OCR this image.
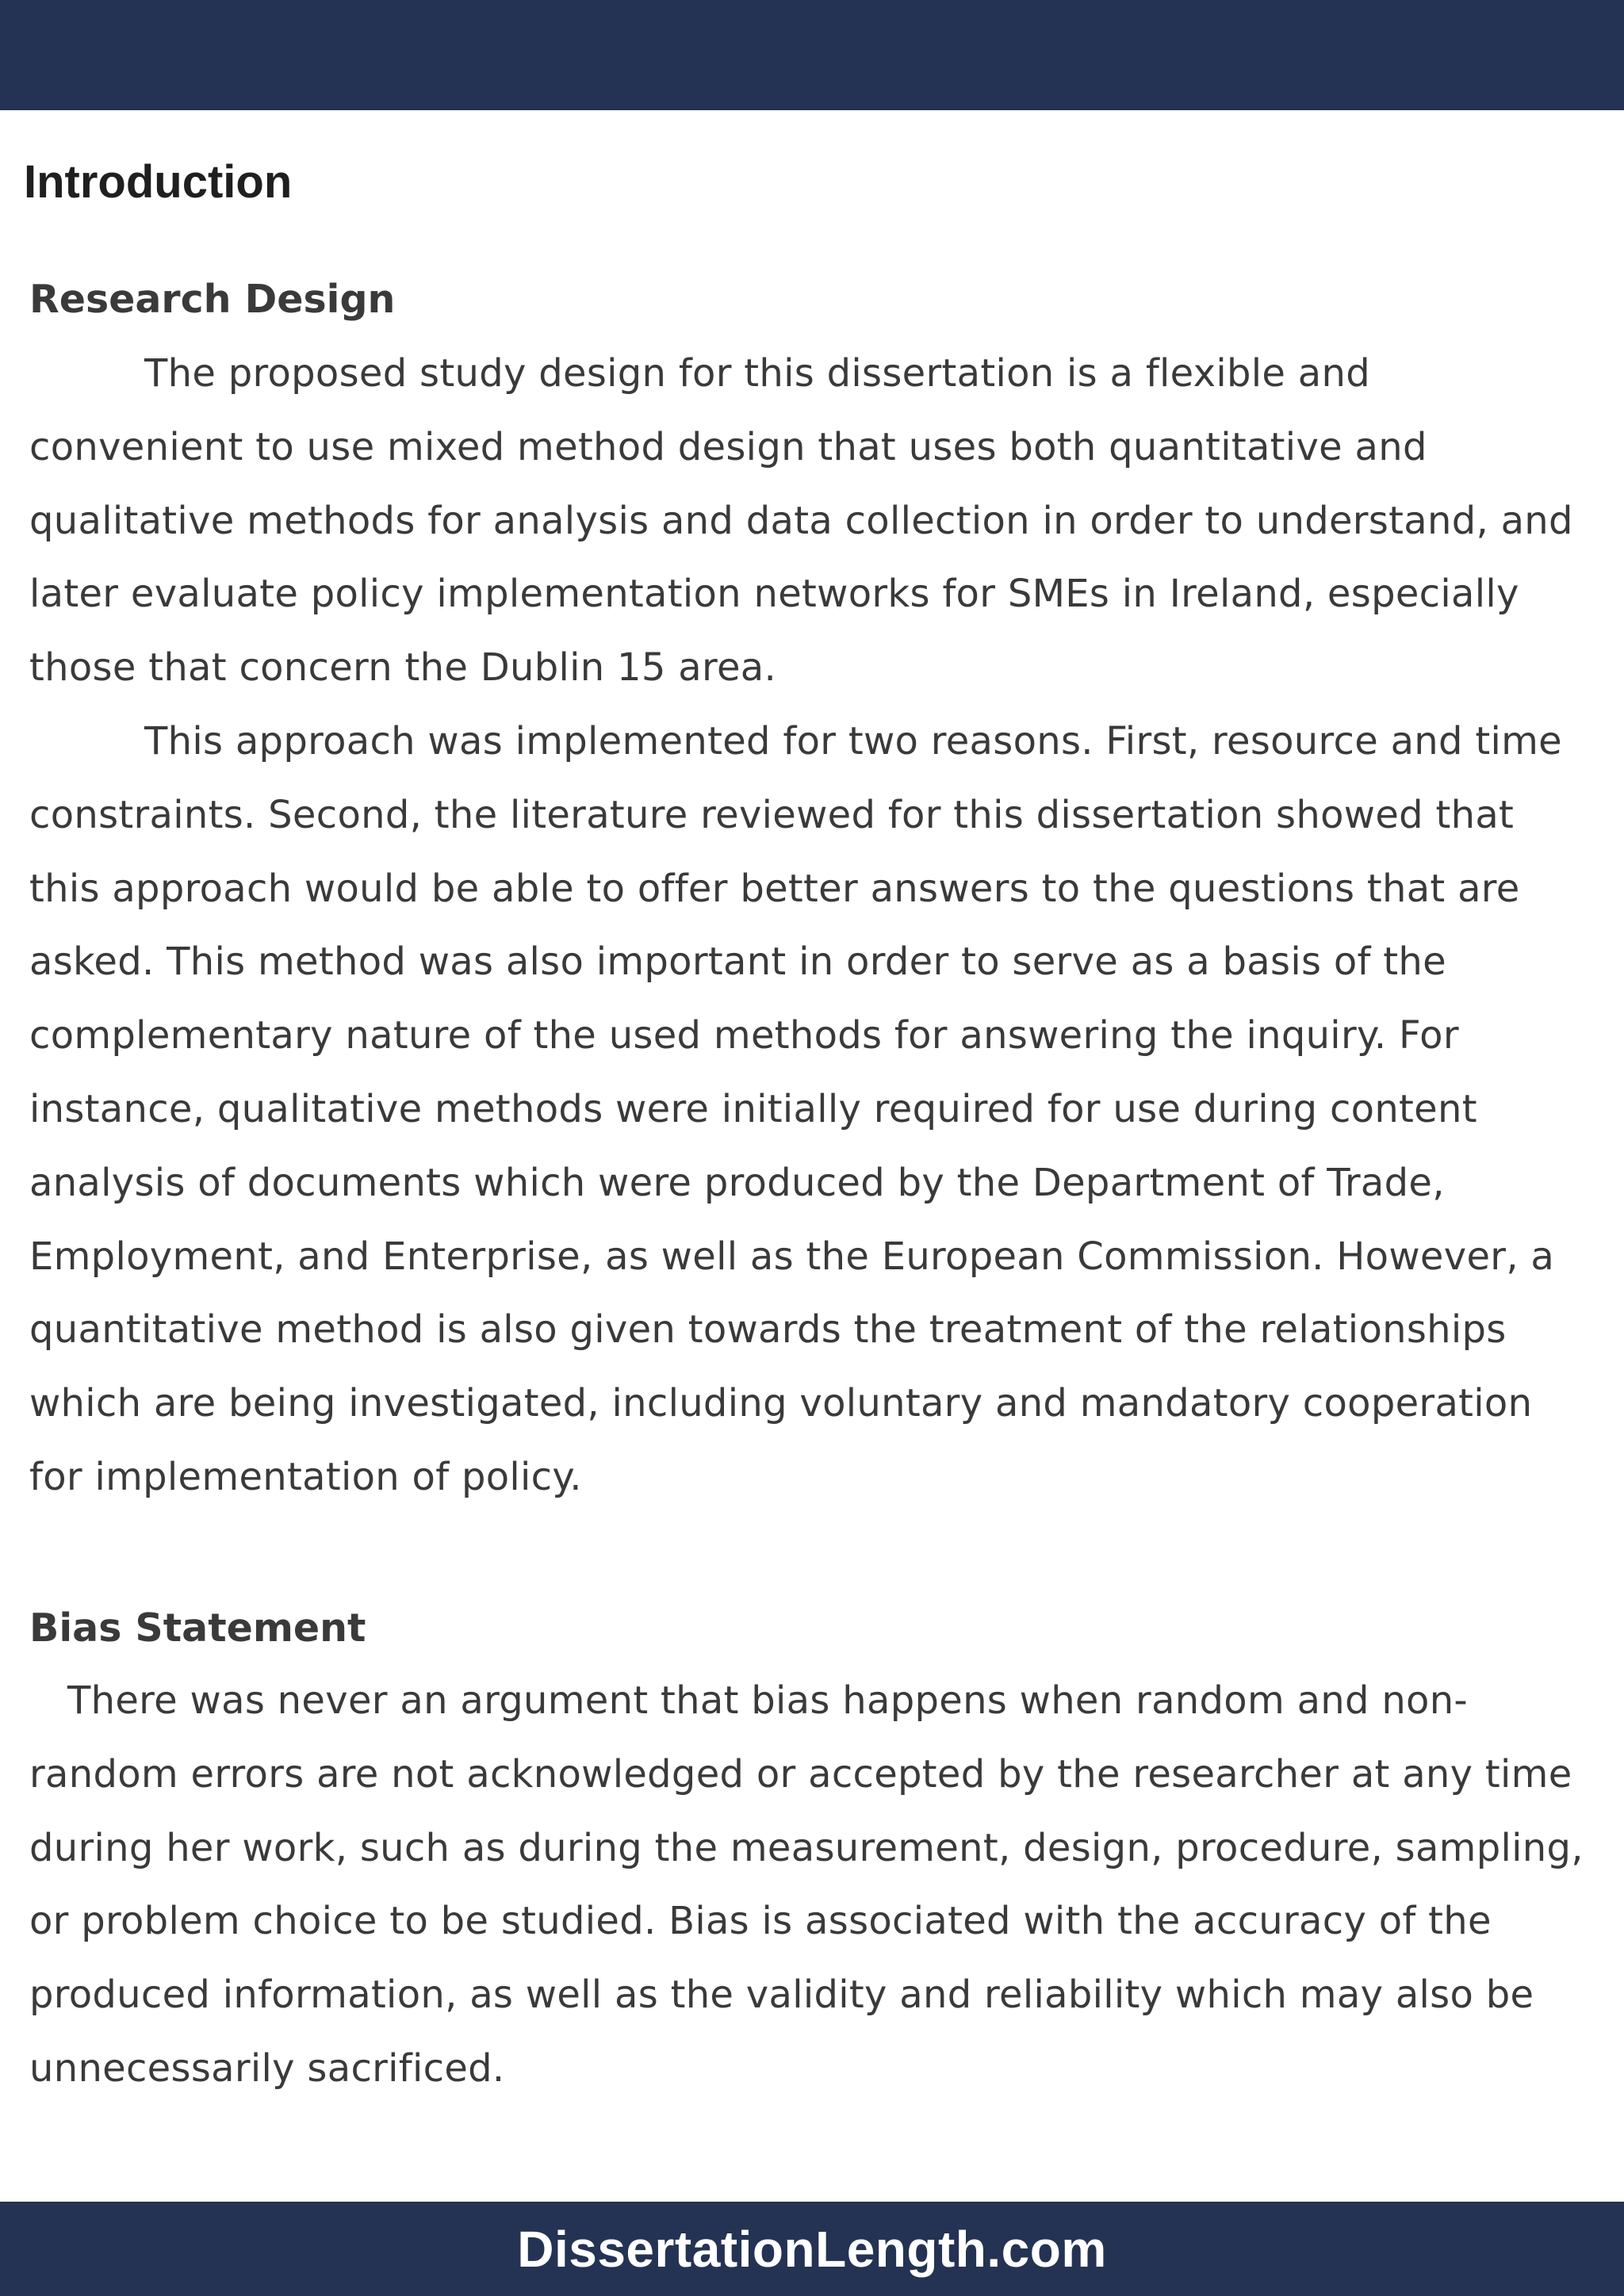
Introduction
Research Design

The proposed study design for this dissertation is a flexible and convenient to use mixed method design that uses both quantitative and qualitative methods for analysis and data collection in order to understand, and later evaluate policy implementation networks for SMEs in Ireland, especially those that concern the Dublin 15 area.

This approach was implemented for two reasons. First, resource and time constraints. Second, the literature reviewed for this dissertation showed that this approach would be able to offer better answers to the questions that are asked. This method was also important in order to serve as a basis of the complementary nature of the used methods for answering the inquiry. For instance, qualitative methods were initially required for use during content analysis of documents which were produced by the Department of Trade, Employment, and Enterprise, as well as the European Commission. However, a quantitative method is also given towards the treatment of the relationships which are being investigated, including voluntary and mandatory cooperation for implementation of policy.

Bias Statement

There was never an argument that bias happens when random and non-random errors are not acknowledged or accepted by the researcher at any time during her work, such as during the measurement, design, procedure, sampling, or problem choice to be studied. Bias is associated with the accuracy of the produced information, as well as the validity and reliability which may also be unnecessarily sacrificed.

DissertationLength.com
